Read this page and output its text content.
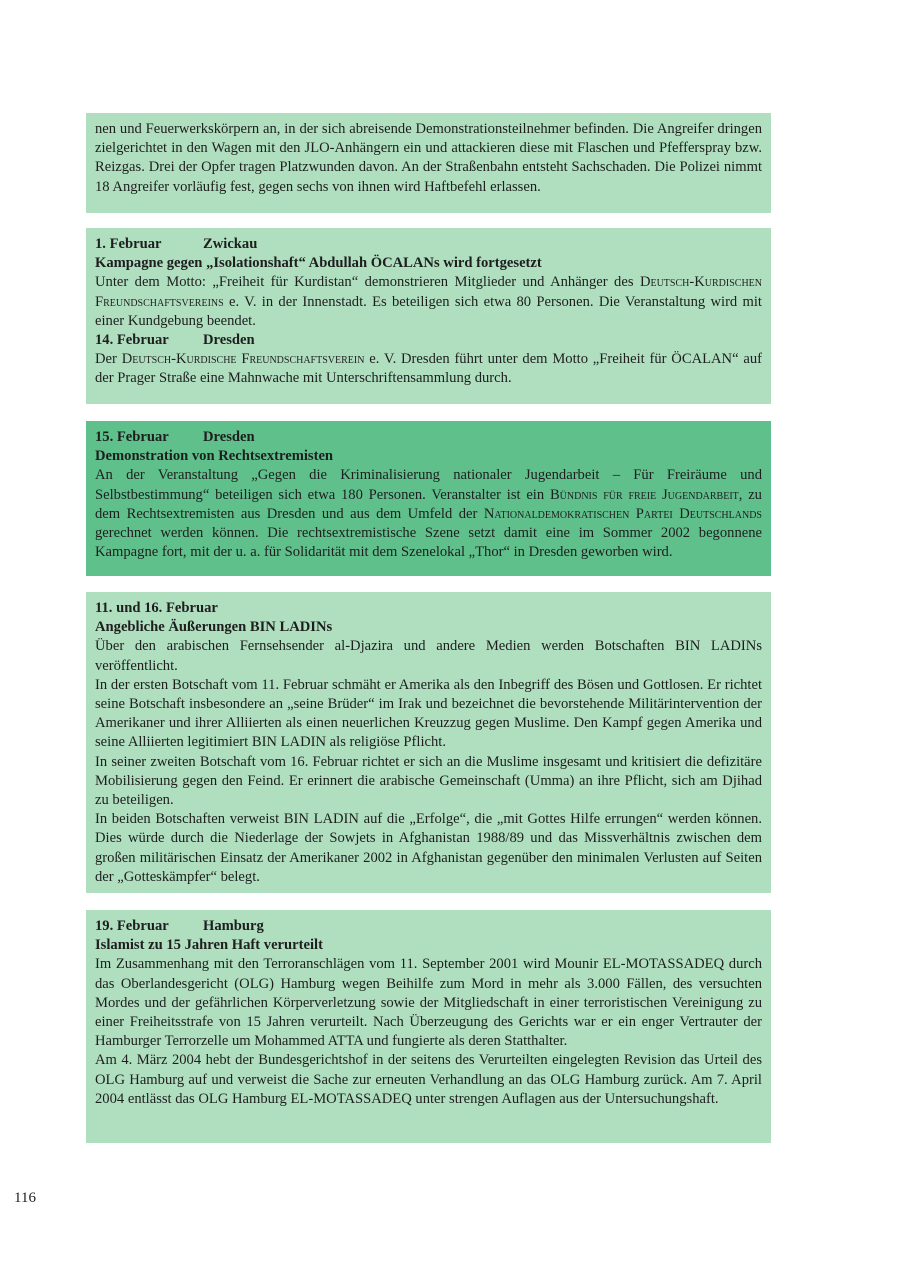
nen und Feuerwerkskörpern an, in der sich abreisende Demonstrationsteilnehmer befinden. Die Angreifer dringen zielgerichtet in den Wagen mit den JLO-Anhängern ein und attackieren diese mit Flaschen und Pfefferspray bzw. Reizgas. Drei der Opfer tragen Platzwunden davon. An der Straßenbahn entsteht Sachschaden. Die Polizei nimmt 18 Angreifer vorläufig fest, gegen sechs von ihnen wird Haftbefehl erlassen.
1. Februar	Zwickau
Kampagne gegen „Isolationshaft“ Abdullah ÖCALANs wird fortgesetzt
Unter dem Motto: „Freiheit für Kurdistan“ demonstrieren Mitglieder und Anhänger des Deutsch-Kurdischen Freundschaftsvereins e. V. in der Innenstadt. Es beteiligen sich etwa 80 Personen. Die Veranstaltung wird mit einer Kundgebung beendet.
14. Februar Dresden
Der Deutsch-Kurdische Freundschaftsverein e. V. Dresden führt unter dem Motto „Freiheit für ÖCALAN“ auf der Prager Straße eine Mahnwache mit Unterschriftensammlung durch.
15. Februar Dresden
Demonstration von Rechtsextremisten
An der Veranstaltung „Gegen die Kriminalisierung nationaler Jugendarbeit – Für Freiräume und Selbstbestimmung“ beteiligen sich etwa 180 Personen. Veranstalter ist ein Bündnis für freie Jugendarbeit, zu dem Rechtsextremisten aus Dresden und aus dem Umfeld der Nationaldemokratischen Partei Deutschlands gerechnet werden können. Die rechtsextremistische Szene setzt damit eine im Sommer 2002 begonnene Kampagne fort, mit der u. a. für Solidarität mit dem Szenelokal „Thor“ in Dresden geworben wird.
11. und 16. Februar
Angebliche Äußerungen BIN LADINs
Über den arabischen Fernsehsender al-Djazira und andere Medien werden Botschaften BIN LADINs veröffentlicht.
In der ersten Botschaft vom 11. Februar schmäht er Amerika als den Inbegriff des Bösen und Gottlosen. Er richtet seine Botschaft insbesondere an „seine Brüder“ im Irak und bezeichnet die bevorstehende Militärintervention der Amerikaner und ihrer Alliierten als einen neuerlichen Kreuzzug gegen Muslime. Den Kampf gegen Amerika und seine Alliierten legitimiert BIN LADIN als religiöse Pflicht.
In seiner zweiten Botschaft vom 16. Februar richtet er sich an die Muslime insgesamt und kritisiert die defizitäre Mobilisierung gegen den Feind. Er erinnert die arabische Gemeinschaft (Umma) an ihre Pflicht, sich am Djihad zu beteiligen.
In beiden Botschaften verweist BIN LADIN auf die „Erfolge“, die „mit Gottes Hilfe errungen“ werden können. Dies würde durch die Niederlage der Sowjets in Afghanistan 1988/89 und das Missverhältnis zwischen dem großen militärischen Einsatz der Amerikaner 2002 in Afghanistan gegenüber den minimalen Verlusten auf Seiten der „Gotteskämpfer“ belegt.
19. Februar Hamburg
Islamist zu 15 Jahren Haft verurteilt
Im Zusammenhang mit den Terroranschlägen vom 11. September 2001 wird Mounir EL-MOTASSADEQ durch das Oberlandesgericht (OLG) Hamburg wegen Beihilfe zum Mord in mehr als 3.000 Fällen, des versuchten Mordes und der gefährlichen Körperverletzung sowie der Mitgliedschaft in einer terroristischen Vereinigung zu einer Freiheitsstrafe von 15 Jahren verurteilt. Nach Überzeugung des Gerichts war er ein enger Vertrauter der Hamburger Terrorzelle um Mohammed ATTA und fungierte als deren Statthalter.
Am 4. März 2004 hebt der Bundesgerichtshof in der seitens des Verurteilten eingelegten Revision das Urteil des OLG Hamburg auf und verweist die Sache zur erneuten Verhandlung an das OLG Hamburg zurück. Am 7. April 2004 entlässt das OLG Hamburg EL-MOTASSADEQ unter strengen Auflagen aus der Untersuchungshaft.
116
